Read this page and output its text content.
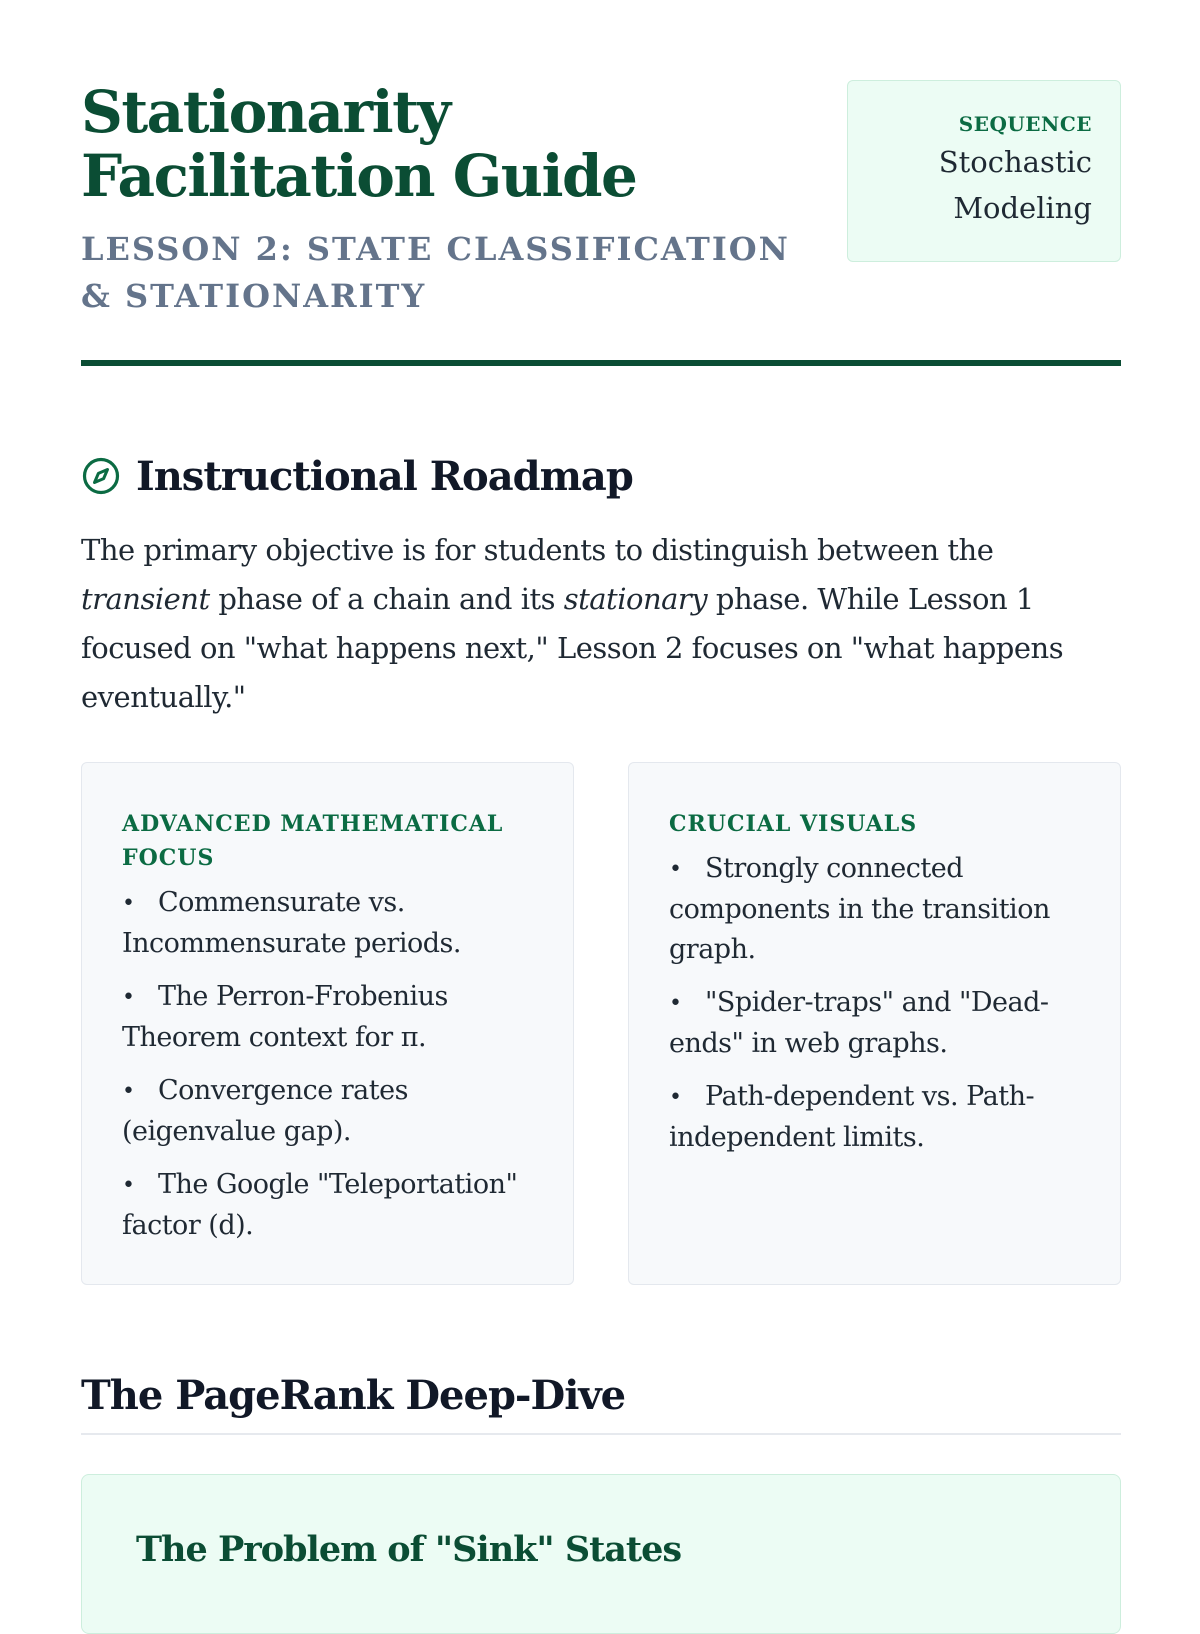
Stationarity Facilitation Guide
LESSON 2: STATE CLASSIFICATION & STATIONARITY
SEQUENCE
Stochastic Modeling
Instructional Roadmap

The primary objective is for students to distinguish between the transient phase of a chain and its stationary phase. While Lesson 1 focused on "what happens next," Lesson 2 focuses on "what happens eventually."

ADVANCED MATHEMATICAL FOCUS
• Commensurate vs. Incommensurate periods.
• The Perron-Frobenius Theorem context for π.
• Convergence rates (eigenvalue gap).
• The Google "Teleportation" factor (d).
CRUCIAL VISUALS
• Strongly connected components in the transition graph.
• "Spider-traps" and "Dead-ends" in web graphs.
• Path-dependent vs. Path-independent limits.
The PageRank Deep-Dive
The Problem of "Sink" States
